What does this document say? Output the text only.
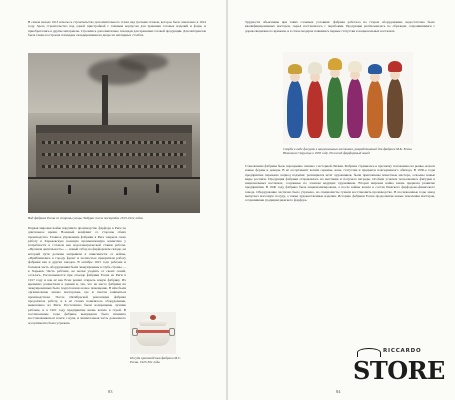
В самом начале 1913 началось строительство дополнительного этажа над третьим этажом, которое было закончено к 1914 году. Здесь строительство над одной пристройкой с главным корпусом для хранения готовых изделий и форм, и приобретались в другие материалы. Строились дополнительно площади для хранения готовой продукции. Для материалов была также построена площадка складирования на дворе на наглядных столбах.
Вид фабрики Есена со стороны улицы Эмбурас после постройки 1913-1914 годов
Первая мировая война нарушила производство фарфора в Риге на длительное время. Военный конфликт со стороны обеих производство. Главное управление фабрики в Риге закрыла свою работу в Харьковскую военную промышленную комиссию у потребности в готовом как водоэлектрической ставки работы. «Прочная деятельность» — новый отбор на фарфоровом складе, на который пути должны направили в зависимости от войны, «Приблизились к городу фронт и полностью прекратили работу фабрики как и других заводов. В октябре 1915 года рабочих и большая часть оборудования были эвакуированы в глубь страны — в Харьков. Часть рабочих, не желая уходить от своих семей, осталась. Рассказывается при отъезде фабрики Есена из Риги в 1917 году и как её как Есен решил открыть новую фабрику. Их временно разместили в здании и, так, что на место фабрики их эвакуированных было подготовлено новое помещение. В нём были организованы заново мастерские, где и смогли заниматься производством. После Октябрьской революции фабрика продолжала работу, и в её стенах появлялось оборудование, вывезенное из Риги. Постепенно были возвращены лучшие рабочие, и к 1921 году предприятие вновь вошло в строй. В послевоенные годы фабрика вынуждена была начинать восстанавливаться почти с нуля, и значительная часть довоенного ассортимента была утрачена.
Посуда производства фабрики М.С. Есена. 1923-30е годы
83
Трудности объяснимы при таких сложных условиях: фабрика работала на старом оборудовании, недостаточно было квалифицированных мастеров, сырьё поставлялось с перебоями. Продукция расписывалась по образцам, сохранившимся с дореволюционного времени, и в стиле модерна появились первые статуэтки в национальных костюмах.
Скорби в виде фигурок в национальных костюмах, разработанный для фабрики М.К. Есена Николаем Стругаца в 1936 году. Рижский фарфоровый завод
Становление фабрики было неразрывно связано с историей Латвии. Фабрика стремилась к прочному положению на рынке, искала новые формы и декоры. В её ассортимент вошли сервизы, вазы, статуэтки и предметы повседневного обихода. В 1930-е годы предприятие пережило период подъёма: расширился штат художников, были приглашены известные мастера, освоены новые виды росписи. Продукция фабрики отправлялась на выставки и получала награды. Особым успехом пользовались фигурки в национальных костюмах, созданные по эскизам ведущих художников. Вторая мировая война вновь прервала развитие предприятия. В 1940 году фабрика была национализирована, а после войны вошла в состав Рижского фарфорово-фаянсового завода. Оборудование частично было утрачено, но специалисты сумели восстановить производство. В послевоенные годы завод выпускал массовую посуду, а также художественные изделия. Историю фабрики Есена продолжили новые поколения мастеров, сохранившие традиции рижского фарфора.
84
RICCARDO
STORE
